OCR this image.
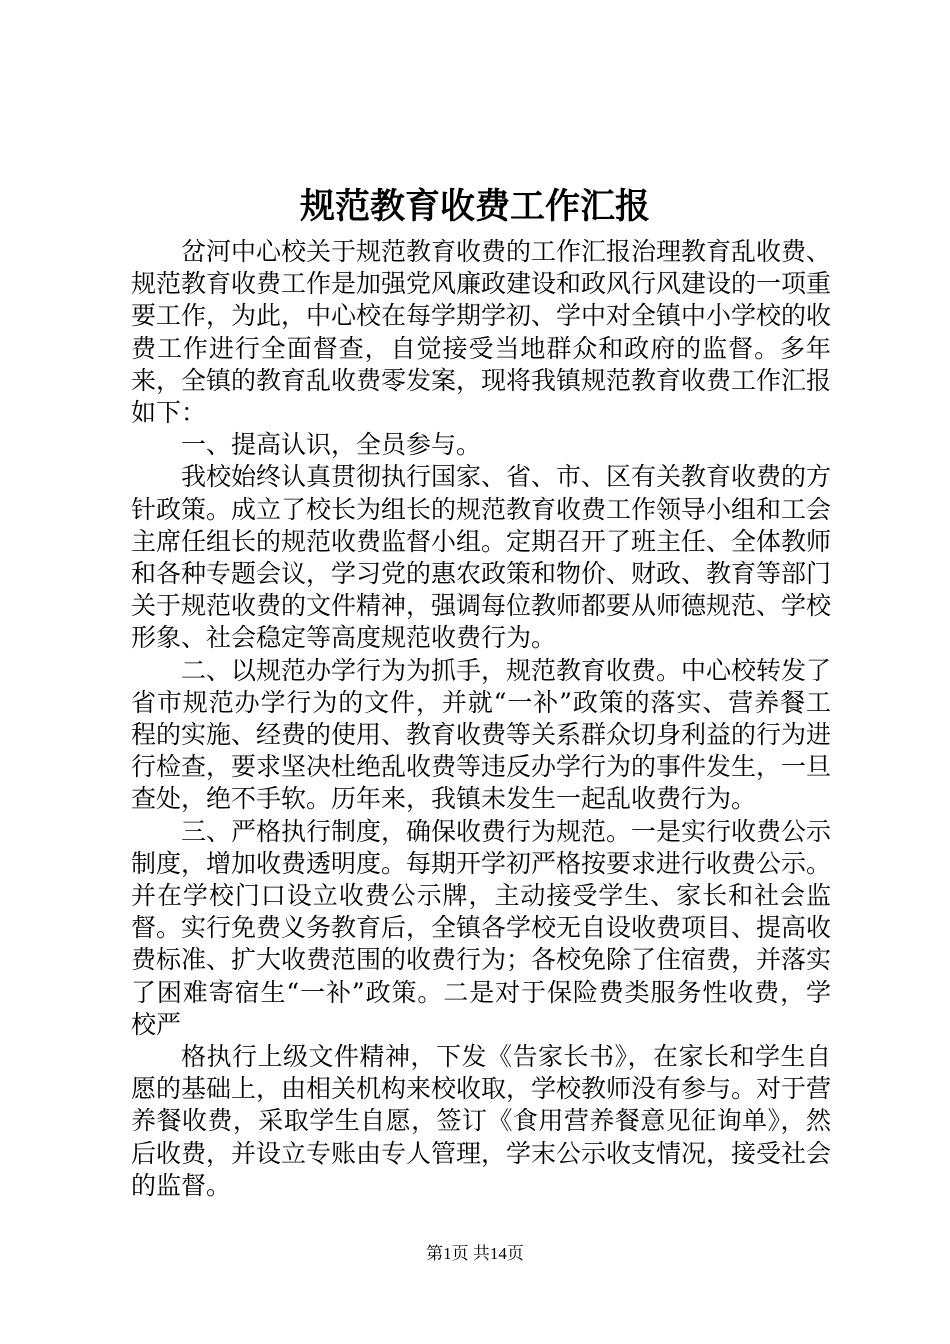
规范教育收费工作汇报

岔河中心校关于规范教育收费的工作汇报治理教育乱收费、规范教育收费工作是加强党风廉政建设和政风行风建设的一项重要工作，为此，中心校在每学期学初、学中对全镇中小学校的收费工作进行全面督查，自觉接受当地群众和政府的监督。多年来，全镇的教育乱收费零发案，现将我镇规范教育收费工作汇报如下：

一、提高认识，全员参与。

我校始终认真贯彻执行国家、省、市、区有关教育收费的方针政策。成立了校长为组长的规范教育收费工作领导小组和工会主席任组长的规范收费监督小组。定期召开了班主任、全体教师和各种专题会议，学习党的惠农政策和物价、财政、教育等部门关于规范收费的文件精神，强调每位教师都要从师德规范、学校形象、社会稳定等高度规范收费行为。

二、以规范办学行为为抓手，规范教育收费。中心校转发了省市规范办学行为的文件，并就“一补”政策的落实、营养餐工程的实施、经费的使用、教育收费等关系群众切身利益的行为进行检查，要求坚决杜绝乱收费等违反办学行为的事件发生，一旦查处，绝不手软。历年来，我镇未发生一起乱收费行为。

三、严格执行制度，确保收费行为规范。一是实行收费公示制度，增加收费透明度。每期开学初严格按要求进行收费公示。并在学校门口设立收费公示牌，主动接受学生、家长和社会监督。实行免费义务教育后，全镇各学校无自设收费项目、提高收费标准、扩大收费范围的收费行为；各校免除了住宿费，并落实了困难寄宿生“一补”政策。二是对于保险费类服务性收费，学校严

格执行上级文件精神，下发《告家长书》，在家长和学生自愿的基础上，由相关机构来校收取，学校教师没有参与。对于营养餐收费，采取学生自愿，签订《食用营养餐意见征询单》，然后收费，并设立专账由专人管理，学末公示收支情况，接受社会的监督。

第1页 共14页
